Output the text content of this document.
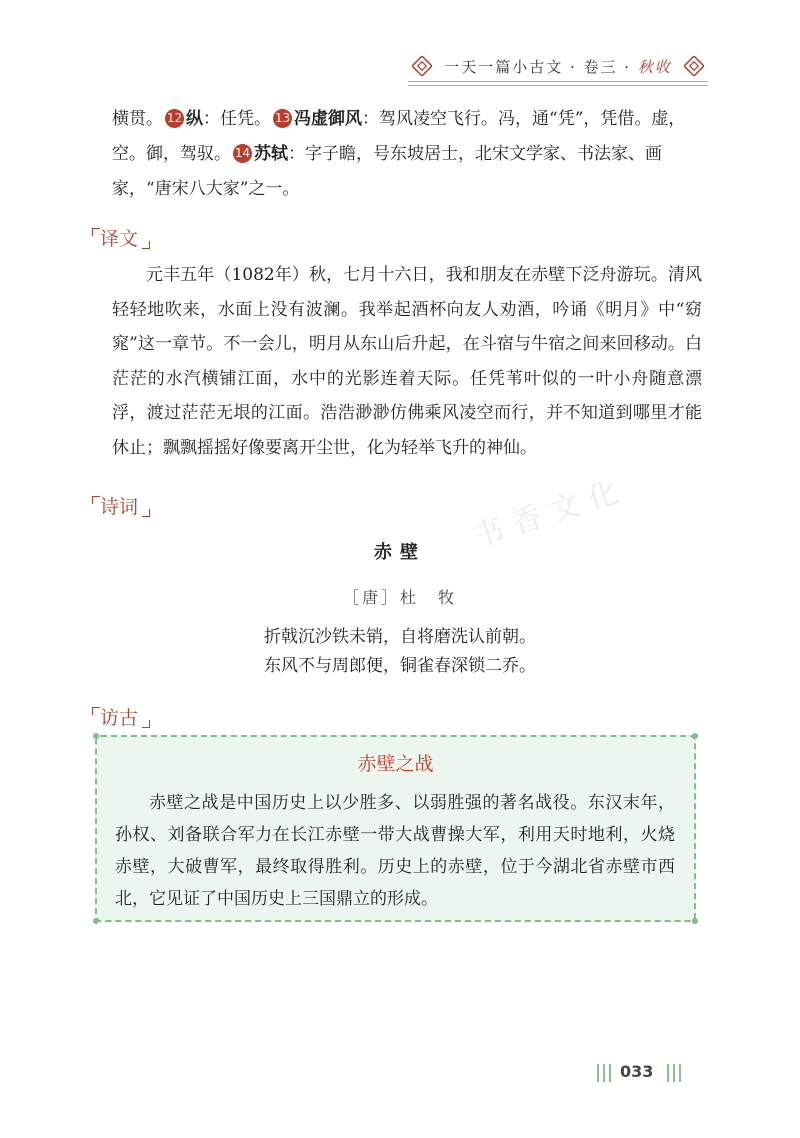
一天一篇小古文 · 卷三 · 秋收
横贯。 12 纵：任凭。 13 冯虚御风：驾风凌空飞行。冯，通“凭”，凭借。虚，空。御，驾驭。 14 苏轼：字子瞻，号东坡居士，北宋文学家、书法家、画家，“唐宋八大家”之一。
译文
元丰五年（1082年）秋，七月十六日，我和朋友在赤壁下泛舟游玩。清风轻轻地吹来，水面上没有波澜。我举起酒杯向友人劝酒，吟诵《明月》中“窈窕”这一章节。不一会儿，明月从东山后升起，在斗宿与牛宿之间来回移动。白茫茫的水汽横铺江面，水中的光影连着天际。任凭苇叶似的一叶小舟随意漂浮，渡过茫茫无垠的江面。浩浩渺渺仿佛乘风凌空而行，并不知道到哪里才能休止；飘飘摇摇好像要离开尘世，化为轻举飞升的神仙。
诗词	书香文化
赤壁
［唐］杜　牧
折戟沉沙铁未销，自将磨洗认前朝。
东风不与周郎便，铜雀春深锁二乔。
访古
赤壁之战
赤壁之战是中国历史上以少胜多、以弱胜强的著名战役。东汉末年，孙权、刘备联合军力在长江赤壁一带大战曹操大军，利用天时地利，火烧赤壁，大破曹军，最终取得胜利。历史上的赤壁，位于今湖北省赤壁市西北，它见证了中国历史上三国鼎立的形成。
033
